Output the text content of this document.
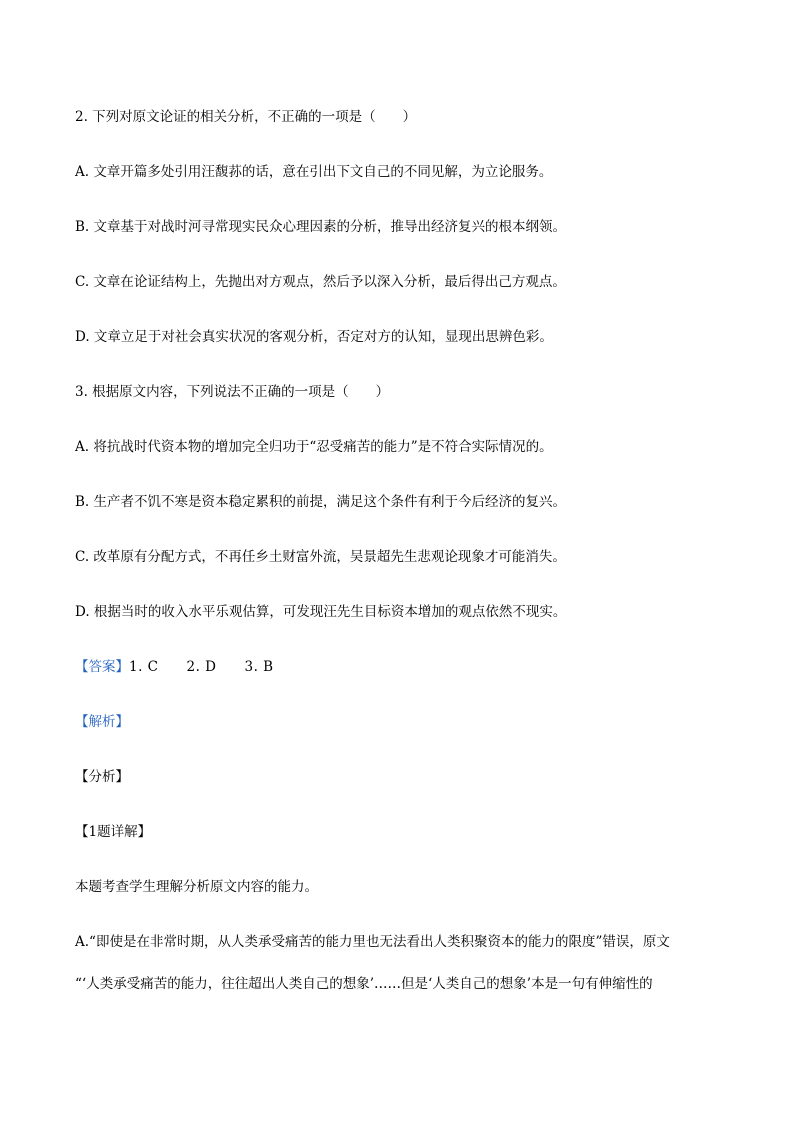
2. 下列对原文论证的相关分析，不正确的一项是（　　）
A. 文章开篇多处引用汪馥荪的话，意在引出下文自己的不同见解，为立论服务。
B. 文章基于对战时河寻常现实民众心理因素的分析，推导出经济复兴的根本纲领。
C. 文章在论证结构上，先抛出对方观点，然后予以深入分析，最后得出己方观点。
D. 文章立足于对社会真实状况的客观分析，否定对方的认知，显现出思辨色彩。
3. 根据原文内容，下列说法不正确的一项是（　　）
A. 将抗战时代资本物的增加完全归功于“忍受痛苦的能力”是不符合实际情况的。
B. 生产者不饥不寒是资本稳定累积的前提，满足这个条件有利于今后经济的复兴。
C. 改革原有分配方式，不再任乡土财富外流，吴景超先生悲观论现象才可能消失。
D. 根据当时的收入水平乐观估算，可发现汪先生目标资本增加的观点依然不现实。
【答案】1. C 2. D 3. B
【解析】
【分析】
【1题详解】
本题考查学生理解分析原文内容的能力。
A.“即使是在非常时期，从人类承受痛苦的能力里也无法看出人类积聚资本的能力的限度”错误，原文
“‘人类承受痛苦的能力，往往超出人类自己的想象’……但是‘人类自己的想象’本是一句有伸缩性的
